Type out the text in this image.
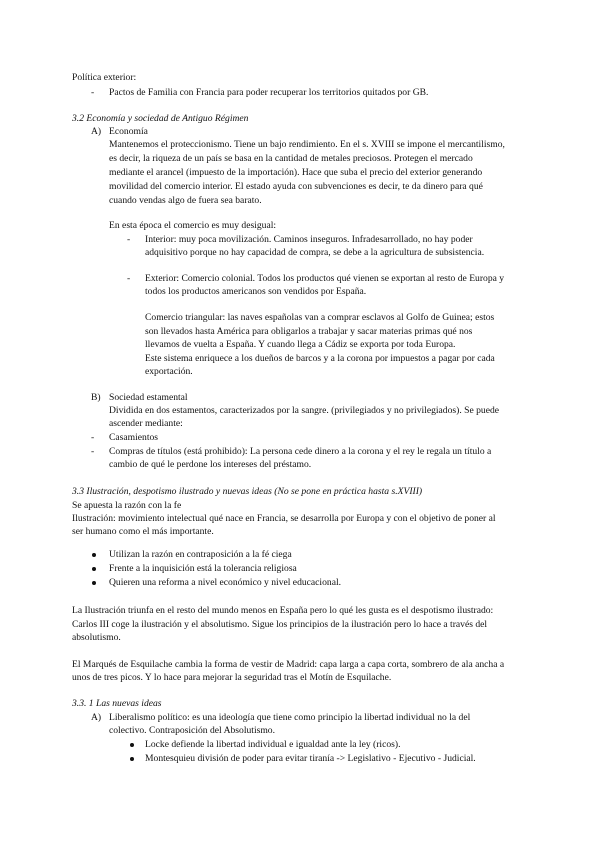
Política exterior:
- Pactos de Familia con Francia para poder recuperar los territorios quitados por GB.
3.2 Economía y sociedad de Antiguo Régimen
A) Economía
Mantenemos el proteccionismo. Tiene un bajo rendimiento. En el s. XVIII se impone el mercantilismo,
es decir, la riqueza de un país se basa en la cantidad de metales preciosos. Protegen el mercado
mediante el arancel (impuesto de la importación). Hace que suba el precio del exterior generando
movilidad del comercio interior. El estado ayuda con subvenciones es decir, te da dinero para qué
cuando vendas algo de fuera sea barato.
En esta época el comercio es muy desigual:
- Interior: muy poca movilización. Caminos inseguros. Infradesarrollado, no hay poder
adquisitivo porque no hay capacidad de compra, se debe a la agricultura de subsistencia.
- Exterior: Comercio colonial. Todos los productos qué vienen se exportan al resto de Europa y
todos los productos americanos son vendidos por España.
Comercio triangular: las naves españolas van a comprar esclavos al Golfo de Guinea; estos
son llevados hasta América para obligarlos a trabajar y sacar materias primas qué nos
llevamos de vuelta a España. Y cuando llega a Cádiz se exporta por toda Europa.
Este sistema enriquece a los dueños de barcos y a la corona por impuestos a pagar por cada
exportación.
B) Sociedad estamental
Dividida en dos estamentos, caracterizados por la sangre. (privilegiados y no privilegiados). Se puede
ascender mediante:
- Casamientos
- Compras de títulos (está prohibido): La persona cede dinero a la corona y el rey le regala un título a
cambio de qué le perdone los intereses del préstamo.
3.3 Ilustración, despotismo ilustrado y nuevas ideas (No se pone en práctica hasta s.XVIII)
Se apuesta la razón con la fe
Ilustración: movimiento intelectual qué nace en Francia, se desarrolla por Europa y con el objetivo de poner al
ser humano como el más importante.
Utilizan la razón en contraposición a la fé ciega
Frente a la inquisición está la tolerancia religiosa
Quieren una reforma a nivel económico y nivel educacional.
La Ilustración triunfa en el resto del mundo menos en España pero lo qué les gusta es el despotismo ilustrado:
Carlos III coge la ilustración y el absolutismo. Sigue los principios de la ilustración pero lo hace a través del
absolutismo.
El Marqués de Esquilache cambia la forma de vestir de Madrid: capa larga a capa corta, sombrero de ala ancha a
unos de tres picos. Y lo hace para mejorar la seguridad tras el Motín de Esquilache.
3.3. 1 Las nuevas ideas
A) Liberalismo político: es una ideología que tiene como principio la libertad individual no la del
colectivo. Contraposición del Absolutismo.
Locke defiende la libertad individual e igualdad ante la ley (ricos).
Montesquieu división de poder para evitar tiranía -> Legislativo - Ejecutivo - Judicial.
